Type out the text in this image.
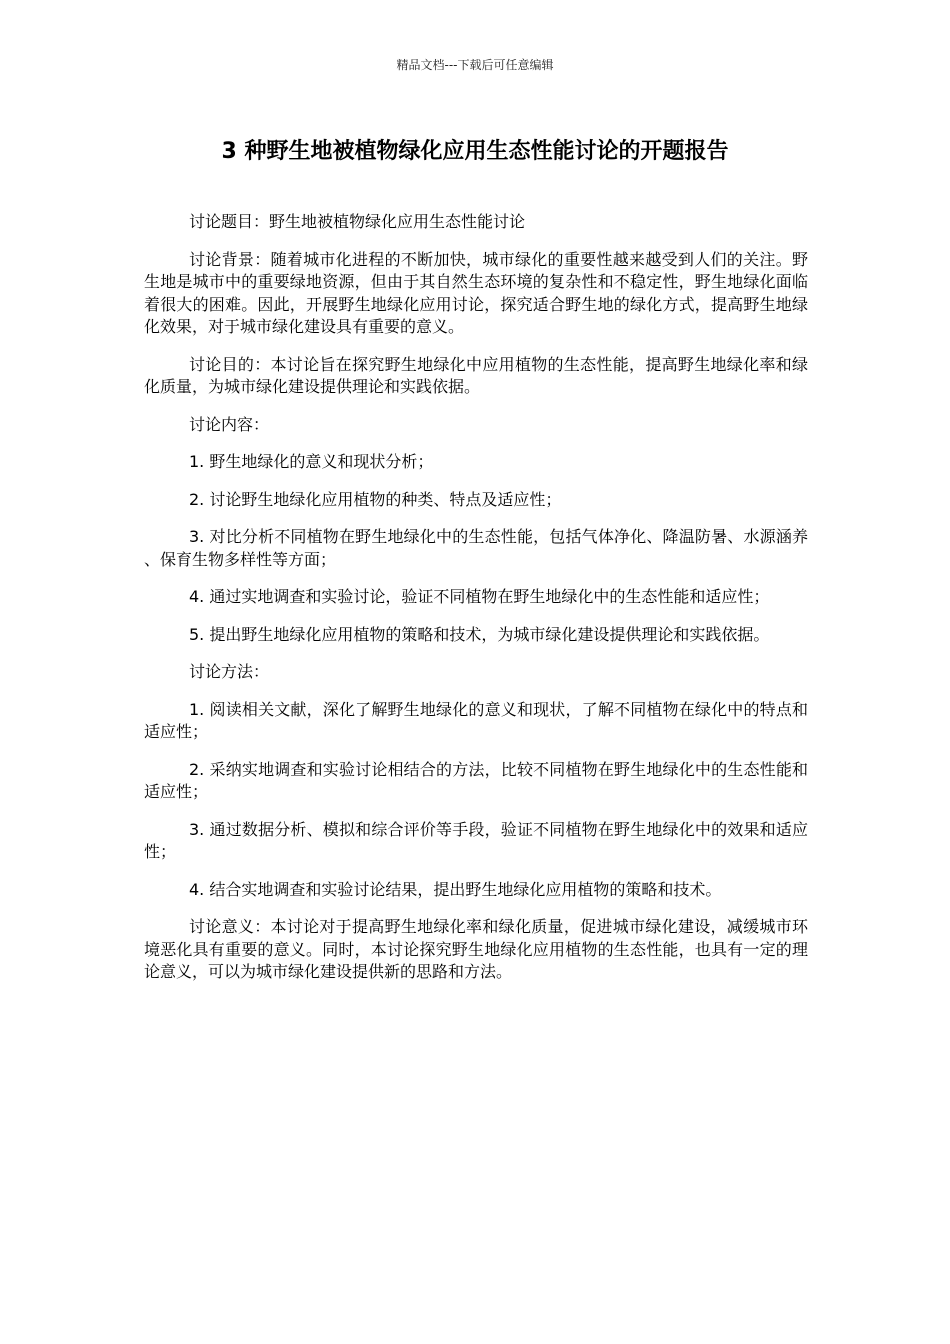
精品文档---下载后可任意编辑
3 种野生地被植物绿化应用生态性能讨论的开题报告

讨论题目：野生地被植物绿化应用生态性能讨论

讨论背景：随着城市化进程的不断加快，城市绿化的重要性越来越受到人们的关注。野生地是城市中的重要绿地资源，但由于其自然生态环境的复杂性和不稳定性，野生地绿化面临着很大的困难。因此，开展野生地绿化应用讨论，探究适合野生地的绿化方式，提高野生地绿化效果，对于城市绿化建设具有重要的意义。

讨论目的：本讨论旨在探究野生地绿化中应用植物的生态性能，提高野生地绿化率和绿化质量，为城市绿化建设提供理论和实践依据。

讨论内容：

1. 野生地绿化的意义和现状分析；

2. 讨论野生地绿化应用植物的种类、特点及适应性；

3. 对比分析不同植物在野生地绿化中的生态性能，包括气体净化、降温防暑、水源涵养、保育生物多样性等方面；

4. 通过实地调查和实验讨论，验证不同植物在野生地绿化中的生态性能和适应性；

5. 提出野生地绿化应用植物的策略和技术，为城市绿化建设提供理论和实践依据。

讨论方法：

1. 阅读相关文献，深化了解野生地绿化的意义和现状，了解不同植物在绿化中的特点和适应性；

2. 采纳实地调查和实验讨论相结合的方法，比较不同植物在野生地绿化中的生态性能和适应性；

3. 通过数据分析、模拟和综合评价等手段，验证不同植物在野生地绿化中的效果和适应性；

4. 结合实地调查和实验讨论结果，提出野生地绿化应用植物的策略和技术。

讨论意义：本讨论对于提高野生地绿化率和绿化质量，促进城市绿化建设，减缓城市环境恶化具有重要的意义。同时，本讨论探究野生地绿化应用植物的生态性能，也具有一定的理论意义，可以为城市绿化建设提供新的思路和方法。
